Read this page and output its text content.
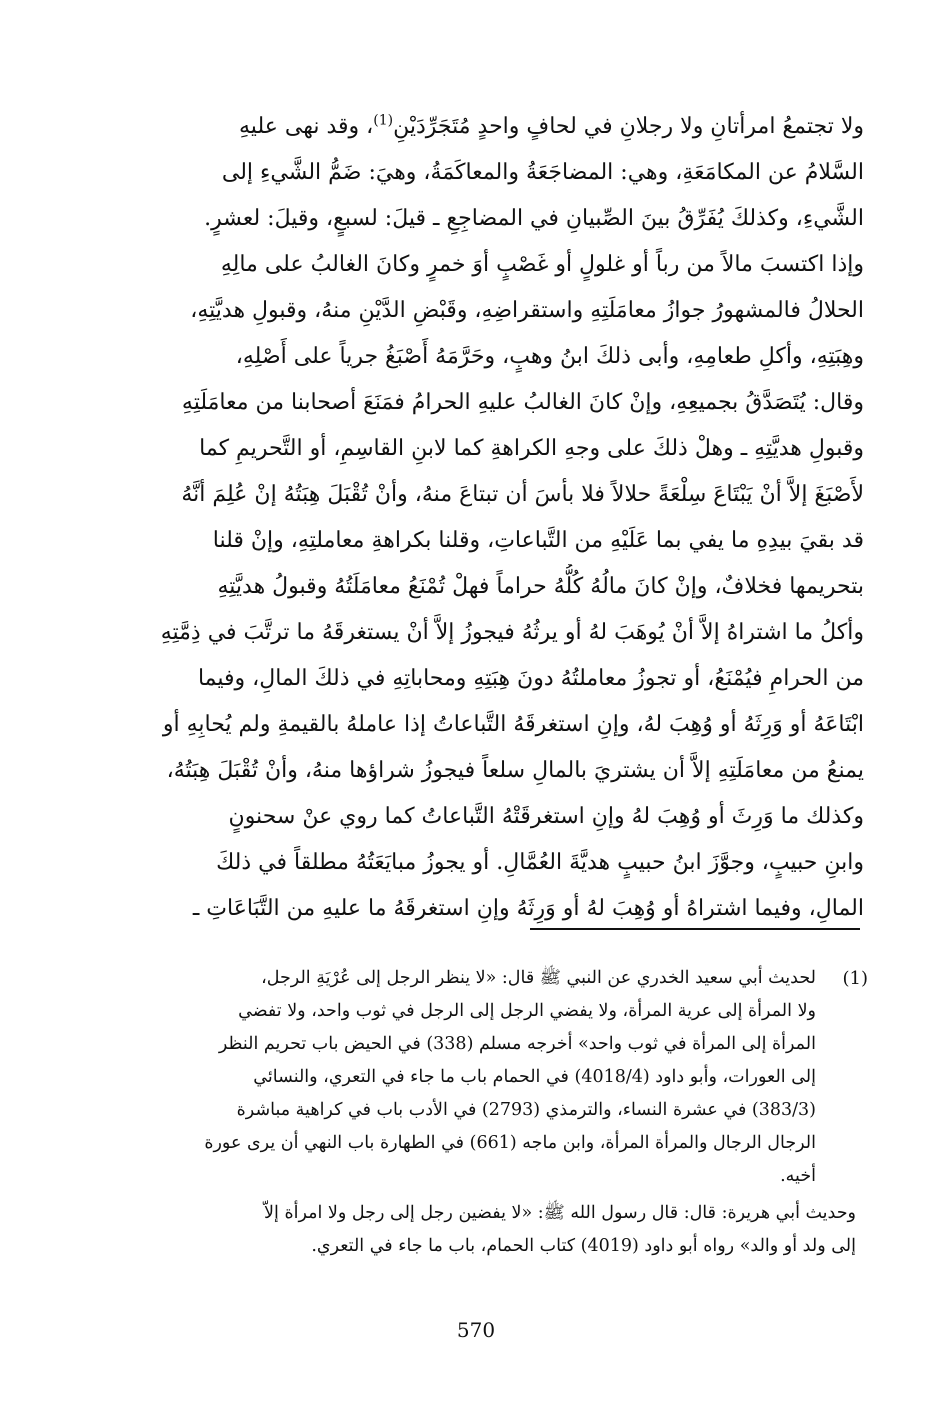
ولا تجتمعُ امرأتانِ ولا رجلانِ في لحافٍ واحدٍ مُتَجَرِّدَيْنِ$^{(1)}$، وقد نهى عليهِ
السَّلامُ عن المكامَعَةِ، وهي: المضاجَعَةُ والمعاكَمَةُ، وهيَ: ضَمُّ الشَّيءِ إلى
الشَّيءِ، وكذلكَ يُفَرِّقُ بينَ الصِّبيانِ في المضاجِعِ ـ قيلَ: لسبعٍ، وقيلَ: لعشرٍ.
وإذا اكتسبَ مالاً من رباً أو غلولٍ أو غَصْبٍ أوَ خمرٍ وكانَ الغالبُ على مالِهِ
الحلالُ فالمشهورُ جوازُ معامَلَتِهِ واستقراضِهِ، وقَبْضِ الدَّيْنِ منهُ، وقبولِ هديَّتِهِ،
وهِبَتِهِ، وأكلِ طعامِهِ، وأبى ذلكَ ابنُ وهبٍ، وحَرَّمَهُ أَصْبَغُ جرياً على أَصْلِهِ،
وقال: يُتَصَدَّقُ بجميعِهِ، وإنْ كانَ الغالبُ عليهِ الحرامُ فمَنَعَ أصحابنا من معامَلَتِهِ
وقبولِ هديَّتِهِ ـ وهلْ ذلكَ على وجهِ الكراهةِ كما لابنِ القاسِمِ، أو التَّحريمِ كما
لأَصْبَغَ إلاَّ أنْ يَبْتَاعَ سِلْعَةً حلالاً فلا بأسَ أن تبتاعَ منهُ، وأنْ تُقْبَلَ هِبَتُهُ إنْ عُلِمَ أنَّهُ
قد بقيَ بيدِهِ ما يفي بما عَلَيْهِ من التَّباعاتِ، وقلنا بكراهةِ معاملتِهِ، وإنْ قلنا
بتحريمها فخلافٌ، وإنْ كانَ مالُهُ كُلُّهُ حراماً فهلْ تُمْنَعُ معامَلَتُهُ وقبولُ هديَّتِهِ
وأكلُ ما اشتراهُ إلاَّ أنْ يُوهَبَ لهُ أو يرثُهُ فيجوزُ إلاَّ أنْ يستغرقَهُ ما ترتَّبَ في ذِمَّتِهِ
من الحرامِ فيُمْنَعُ، أو تجوزُ معاملتُهُ دونَ هِبَتِهِ ومحاباتِهِ في ذلكَ المالِ، وفيما
ابْتَاعَهُ أو وَرِثَهُ أو وُهِبَ لهُ، وإنِ استغرقَهُ التَّباعاتُ إذا عاملهُ بالقيمةِ ولم يُحابِهِ أو
يمنعُ من معامَلَتِهِ إلاَّ أن يشتريَ بالمالِ سلعاً فيجوزُ شراؤها منهُ، وأنْ تُقْبَلَ هِبَتُهُ،
وكذلك ما وَرِثَ أو وُهِبَ لهُ وإنِ استغرقَتْهُ التَّباعاتُ كما روي عنْ سحنونٍ
وابنِ حبيبٍ، وجوَّزَ ابنُ حبيبٍ هديَّةَ العُمَّالِ. أو يجوزُ مبايَعَتُهُ مطلقاً في ذلكَ
المالِ، وفيما اشتراهُ أو وُهِبَ لهُ أو وَرِثَهُ وإنِ استغرقَهُ ما عليهِ من التَّبَاعَاتِ ـ
(1)
لحديث أبي سعيد الخدري عن النبي ﷺ قال: «لا ينظر الرجل إلى عُرْيَةِ الرجل،
ولا المرأة إلى عرية المرأة، ولا يفضي الرجل إلى الرجل في ثوب واحد، ولا تفضي
المرأة إلى المرأة في ثوب واحد» أخرجه مسلم (338) في الحيض باب تحريم النظر
إلى العورات، وأبو داود (4018/4) في الحمام باب ما جاء في التعري، والنسائي
(383/3) في عشرة النساء، والترمذي (2793) في الأدب باب في كراهية مباشرة
الرجال الرجال والمرأة المرأة، وابن ماجه (661) في الطهارة باب النهي أن يرى عورة
أخيه.
وحديث أبي هريرة: قال: قال رسول الله ﷺ: «لا يفضين رجل إلى رجل ولا امرأة إلاّ
إلى ولد أو والد» رواه أبو داود (4019) كتاب الحمام، باب ما جاء في التعري.
570
